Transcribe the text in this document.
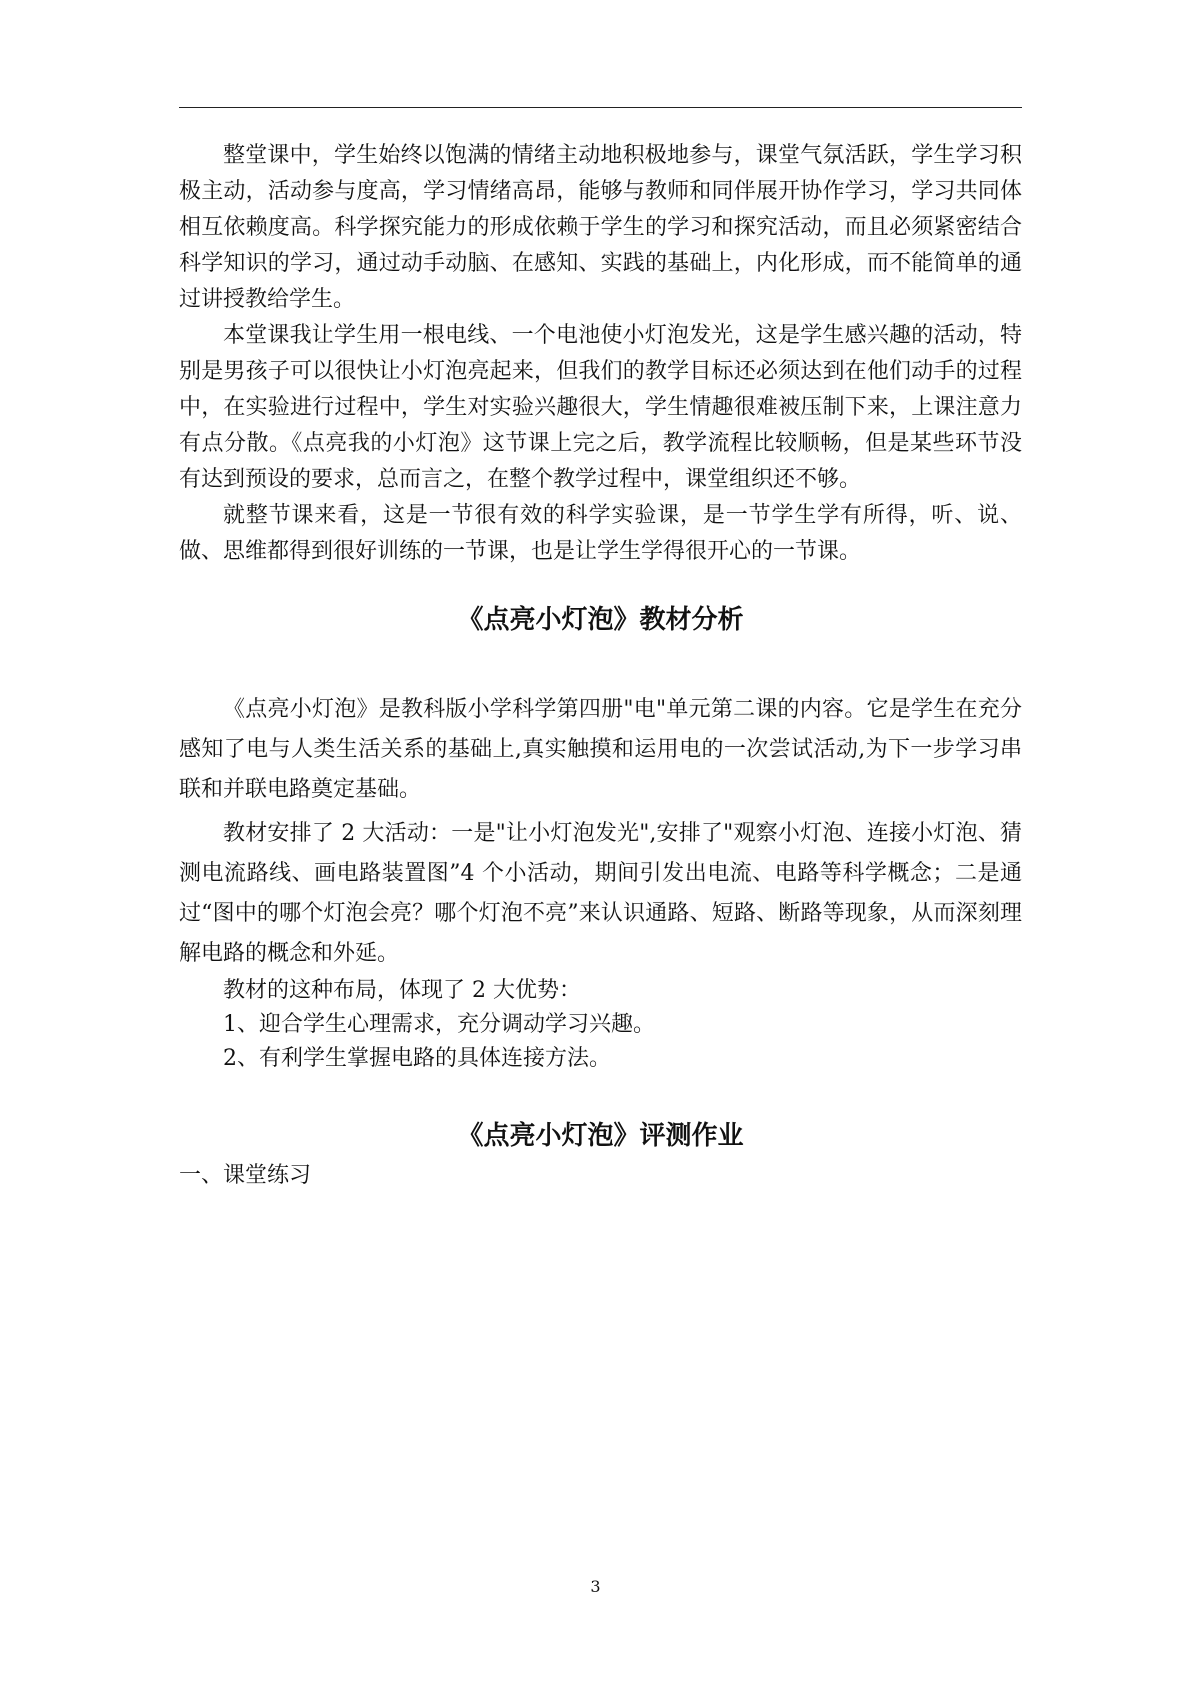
整堂课中，学生始终以饱满的情绪主动地积极地参与，课堂气氛活跃，学生学习积极主动，活动参与度高，学习情绪高昂，能够与教师和同伴展开协作学习，学习共同体相互依赖度高。科学探究能力的形成依赖于学生的学习和探究活动，而且必须紧密结合科学知识的学习，通过动手动脑、在感知、实践的基础上，内化形成，而不能简单的通过讲授教给学生。

本堂课我让学生用一根电线、一个电池使小灯泡发光，这是学生感兴趣的活动，特别是男孩子可以很快让小灯泡亮起来，但我们的教学目标还必须达到在他们动手的过程中，在实验进行过程中，学生对实验兴趣很大，学生情趣很难被压制下来，上课注意力有点分散。《点亮我的小灯泡》这节课上完之后，教学流程比较顺畅，但是某些环节没有达到预设的要求，总而言之，在整个教学过程中，课堂组织还不够。

就整节课来看，这是一节很有效的科学实验课，是一节学生学有所得，听、说、做、思维都得到很好训练的一节课，也是让学生学得很开心的一节课。

《点亮小灯泡》教材分析

《点亮小灯泡》是教科版小学科学第四册"电"单元第二课的内容。它是学生在充分感知了电与人类生活关系的基础上,真实触摸和运用电的一次尝试活动,为下一步学习串联和并联电路奠定基础。

教材安排了 2 大活动：一是"让小灯泡发光",安排了"观察小灯泡、连接小灯泡、猜测电流路线、画电路装置图”4 个小活动，期间引发出电流、电路等科学概念；二是通过“图中的哪个灯泡会亮？哪个灯泡不亮”来认识通路、短路、断路等现象，从而深刻理解电路的概念和外延。

教材的这种布局，体现了 2 大优势：

1、迎合学生心理需求，充分调动学习兴趣。

2、有利学生掌握电路的具体连接方法。

《点亮小灯泡》评测作业

一、课堂练习

3
